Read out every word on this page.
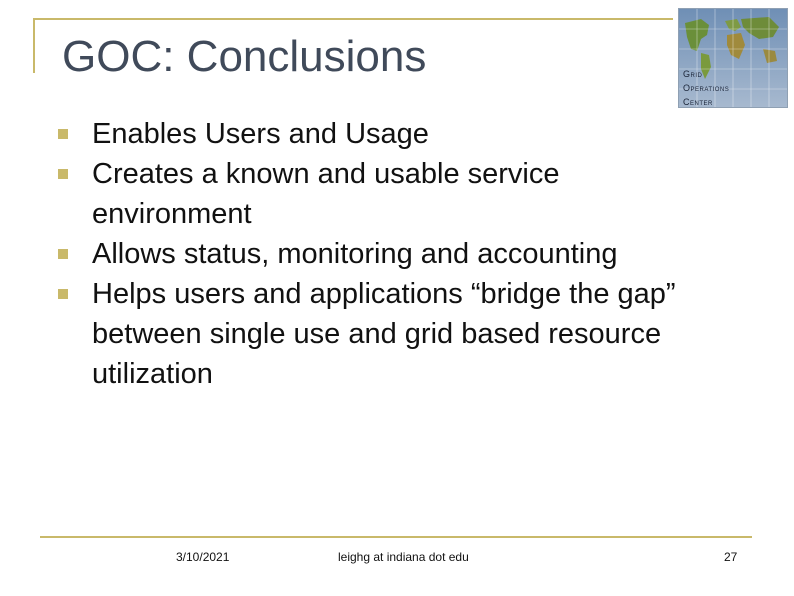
GOC: Conclusions	Grid
Operations
Center
Enables Users and Usage
Creates a known and usable service environment
Allows status, monitoring and accounting
Helps users and applications “bridge the gap” between single use and grid based resource utilization
3/10/2021	leighg at indiana dot edu	27
